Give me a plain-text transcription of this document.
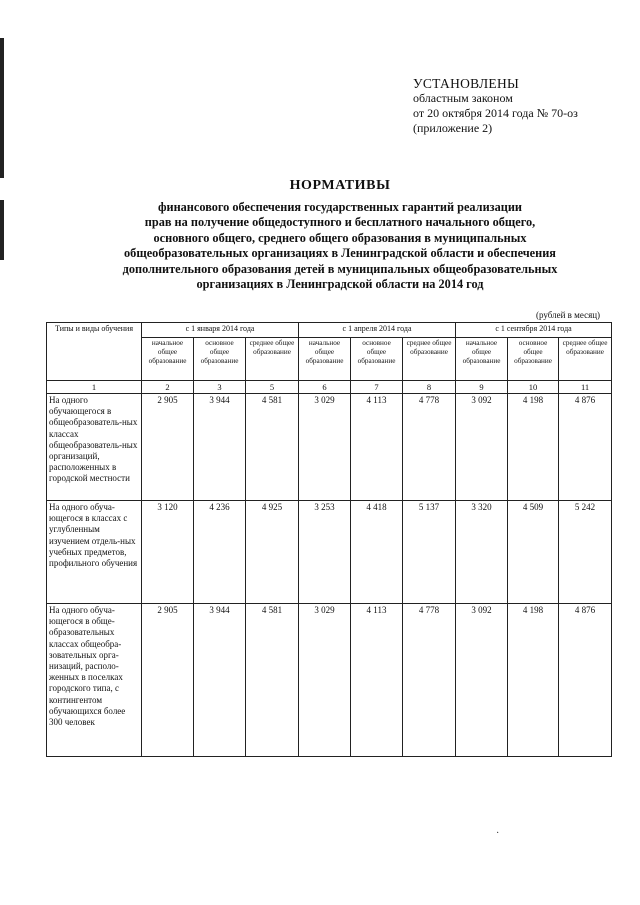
УСТАНОВЛЕНЫ
областным законом
от 20 октября 2014 года № 70-оз
(приложение 2)
НОРМАТИВЫ
финансового обеспечения государственных гарантий реализации
прав на получение общедоступного и бесплатного начального общего,
основного общего, среднего общего образования в муниципальных
общеобразовательных организациях в Ленинградской области и обеспечения
дополнительного образования детей в муниципальных общеобразовательных
организациях в Ленинградской области на 2014 год
(рублей в месяц)
Типы и виды обучения	с 1 января 2014 года			с 1 апреля 2014 года			с 1 сентября 2014 года		
	начальное общее образование	основное общее образование	среднее общее образование	начальное общее образование	основное общее образование	среднее общее образование	начальное общее образование	основное общее образование	среднее общее образование
1	2	3	5	6	7	8	9	10	11
На одного обучающегося в общеобразователь-ных классах общеобразователь-ных организаций, расположенных в городской местности	2 905	3 944	4 581	3 029	4 113	4 778	3 092	4 198	4 876
На одного обуча-ющегося в классах с углубленным изучением отдель-ных учебных предметов, профильного обучения	3 120	4 236	4 925	3 253	4 418	5 137	3 320	4 509	5 242
На одного обуча-ющегося в обще-образовательных классах общеобра-зовательных орга-низаций, располо-женных в поселках городского типа, с контингентом обучающихся более 300 человек	2 905	3 944	4 581	3 029	4 113	4 778	3 092	4 198	4 876
·
